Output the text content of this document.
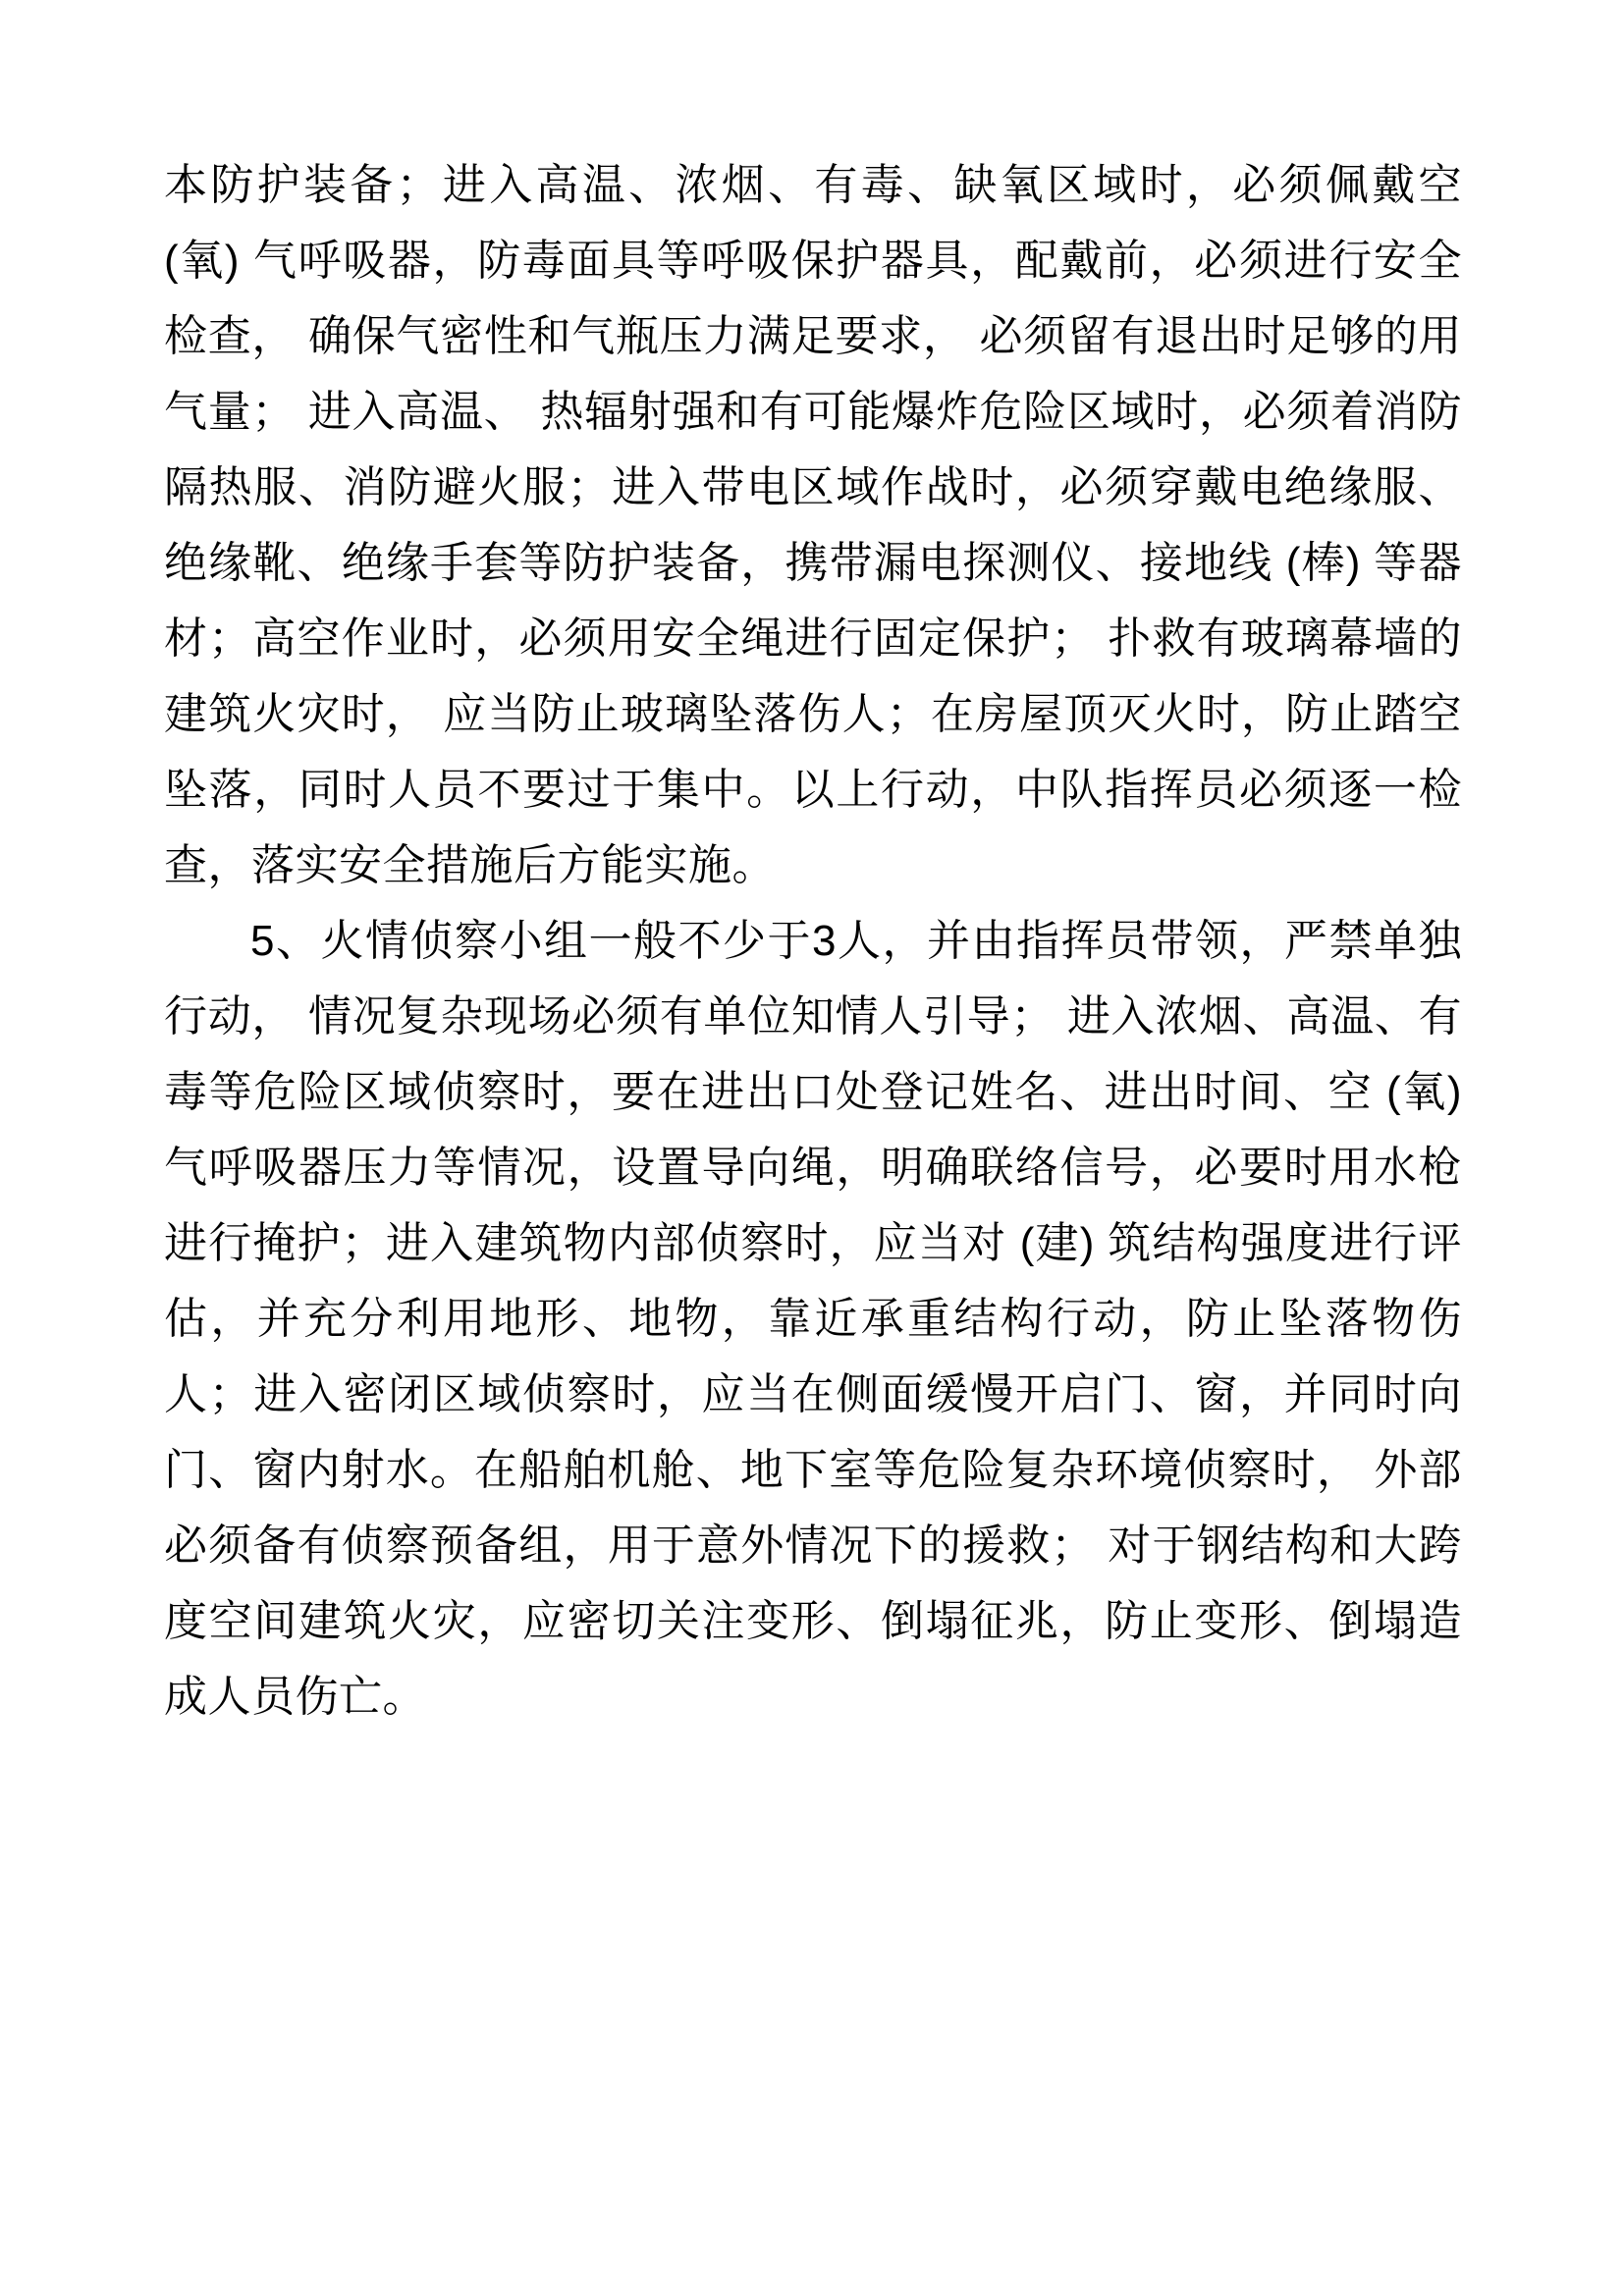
本防护装备；进入高温、浓烟、有毒、缺氧区域时，必须佩戴空 (氧) 气呼吸器，防毒面具等呼吸保护器具，配戴前，必须进行安全检查， 确保气密性和气瓶压力满足要求， 必须留有退出时足够的用气量； 进入高温、 热辐射强和有可能爆炸危险区域时，必须着消防隔热服、消防避火服；进入带电区域作战时，必须穿戴电绝缘服、绝缘靴、绝缘手套等防护装备，携带漏电探测仪、接地线 (棒) 等器材；高空作业时，必须用安全绳进行固定保护； 扑救有玻璃幕墙的建筑火灾时， 应当防止玻璃坠落伤人；在房屋顶灭火时，防止踏空坠落，同时人员不要过于集中。以上行动，中队指挥员必须逐一检查，落实安全措施后方能实施。

5、火情侦察小组一般不少于3人，并由指挥员带领，严禁单独行动， 情况复杂现场必须有单位知情人引导； 进入浓烟、高温、有毒等危险区域侦察时，要在进出口处登记姓名、进出时间、空 (氧) 气呼吸器压力等情况，设置导向绳，明确联络信号，必要时用水枪进行掩护；进入建筑物内部侦察时，应当对 (建) 筑结构强度进行评估，并充分利用地形、地物，靠近承重结构行动，防止坠落物伤人；进入密闭区域侦察时，应当在侧面缓慢开启门、窗，并同时向门、窗内射水。在船舶机舱、地下室等危险复杂环境侦察时， 外部必须备有侦察预备组，用于意外情况下的援救； 对于钢结构和大跨度空间建筑火灾，应密切关注变形、倒塌征兆，防止变形、倒塌造成人员伤亡。
